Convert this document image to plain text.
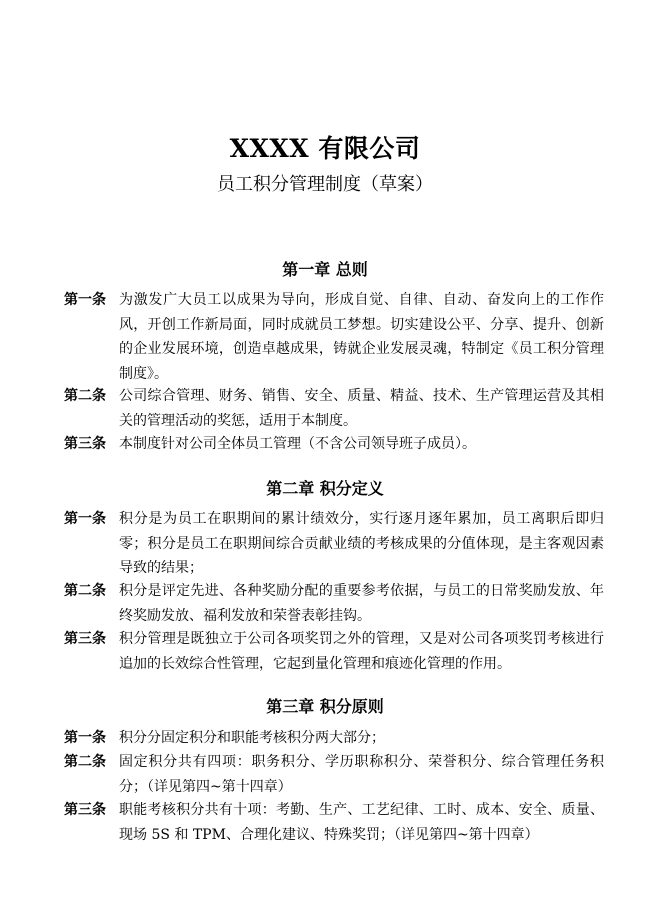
XXXX 有限公司
员工积分管理制度（草案）
第一章 总则
第一条 为激发广大员工以成果为导向，形成自觉、自律、自动、奋发向上的工作作风，开创工作新局面，同时成就员工梦想。切实建设公平、分享、提升、创新的企业发展环境，创造卓越成果，铸就企业发展灵魂，特制定《员工积分管理制度》。
第二条 公司综合管理、财务、销售、安全、质量、精益、技术、生产管理运营及其相关的管理活动的奖惩，适用于本制度。
第三条 本制度针对公司全体员工管理（不含公司领导班子成员）。
第二章 积分定义
第一条 积分是为员工在职期间的累计绩效分，实行逐月逐年累加，员工离职后即归零；积分是员工在职期间综合贡献业绩的考核成果的分值体现，是主客观因素导致的结果；
第二条 积分是评定先进、各种奖励分配的重要参考依据，与员工的日常奖励发放、年终奖励发放、福利发放和荣誉表彰挂钩。
第三条 积分管理是既独立于公司各项奖罚之外的管理，又是对公司各项奖罚考核进行追加的长效综合性管理，它起到量化管理和痕迹化管理的作用。
第三章 积分原则
第一条 积分分固定积分和职能考核积分两大部分；
第二条 固定积分共有四项：职务积分、学历职称积分、荣誉积分、综合管理任务积分；（详见第四~第十四章）
第三条 职能考核积分共有十项：考勤、生产、工艺纪律、工时、成本、安全、质量、现场 5S 和 TPM、合理化建议、特殊奖罚；（详见第四~第十四章）
